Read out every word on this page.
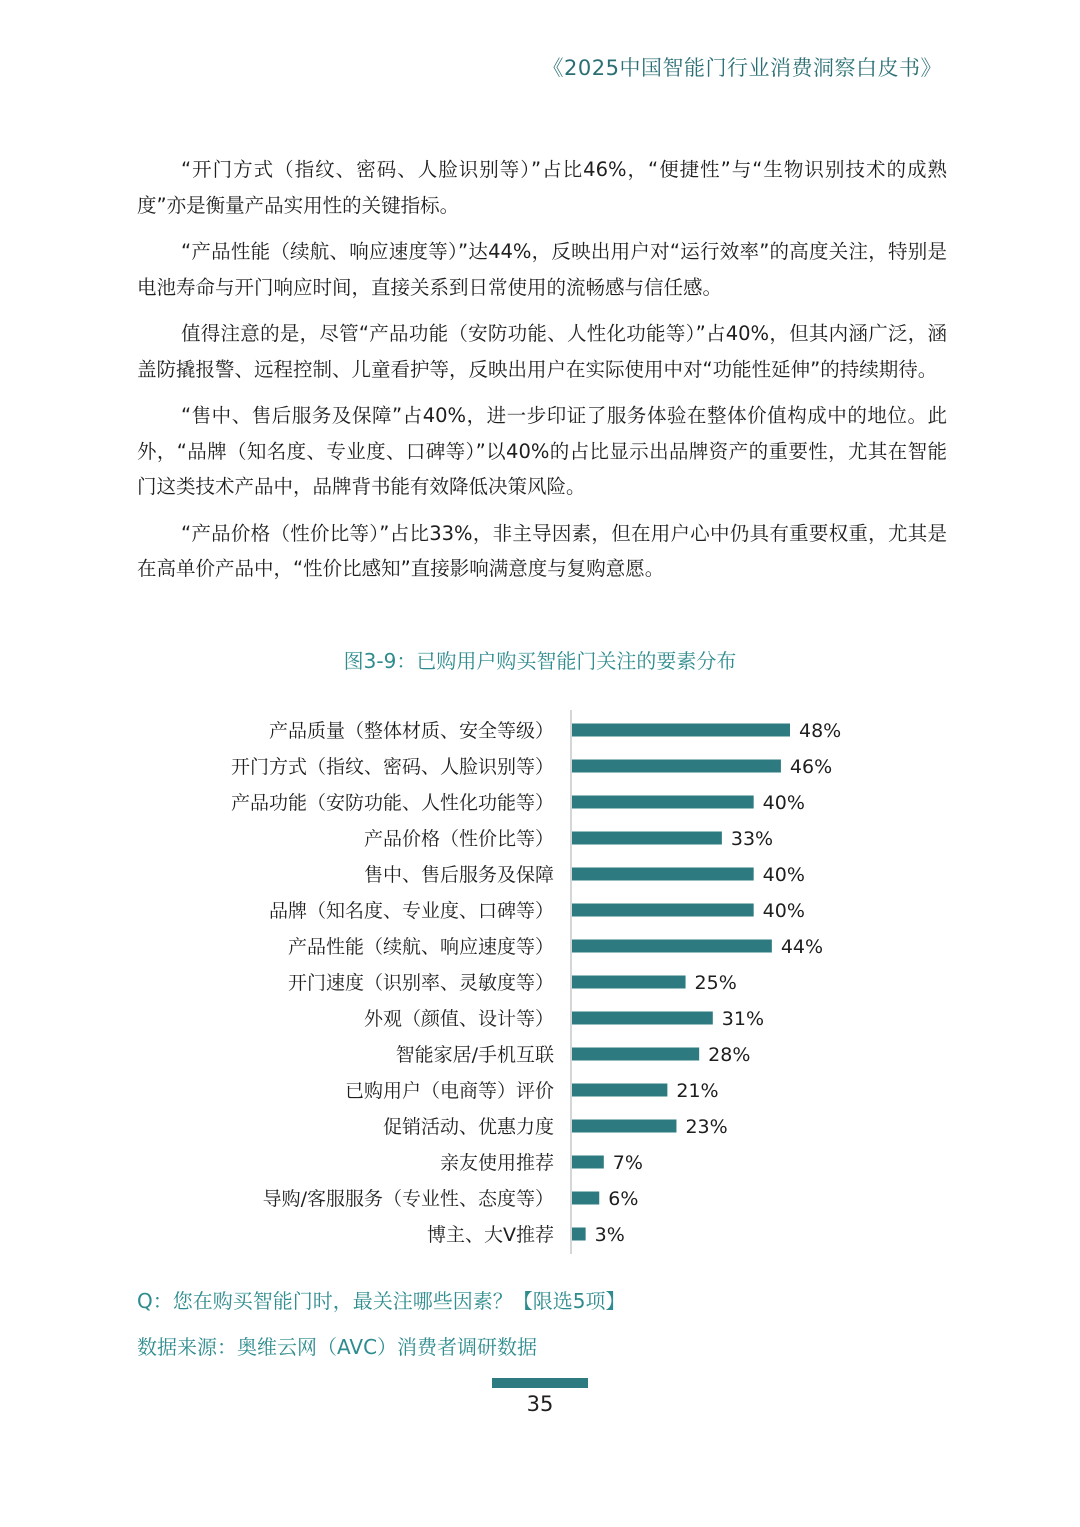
《2025中国智能门行业消费洞察白皮书》

“开门方式（指纹、密码、人脸识别等）”占比46%，“便捷性”与“生物识别技术的成熟度”亦是衡量产品实用性的关键指标。

“产品性能（续航、响应速度等）”达44%，反映出用户对“运行效率”的高度关注，特别是电池寿命与开门响应时间，直接关系到日常使用的流畅感与信任感。

值得注意的是，尽管“产品功能（安防功能、人性化功能等）”占40%，但其内涵广泛，涵盖防撬报警、远程控制、儿童看护等，反映出用户在实际使用中对“功能性延伸”的持续期待。

“售中、售后服务及保障”占40%，进一步印证了服务体验在整体价值构成中的地位。此外，“品牌（知名度、专业度、口碑等）”以40%的占比显示出品牌资产的重要性，尤其在智能门这类技术产品中，品牌背书能有效降低决策风险。

“产品价格（性价比等）”占比33%，非主导因素，但在用户心中仍具有重要权重，尤其是在高单价产品中，“性价比感知”直接影响满意度与复购意愿。

图3-9：已购用户购买智能门关注的要素分布
产品质量（整体材质、安全等级）	48%
开门方式（指纹、密码、人脸识别等）	46%
产品功能（安防功能、人性化功能等）	40%
产品价格（性价比等）	33%
售中、售后服务及保障	40%
品牌（知名度、专业度、口碑等）	40%
产品性能（续航、响应速度等）	44%
开门速度（识别率、灵敏度等）	25%
外观（颜值、设计等）	31%
智能家居/手机互联	28%
已购用户（电商等）评价	21%
促销活动、优惠力度	23%
亲友使用推荐	7%
导购/客服服务（专业性、态度等）	6%
博主、大V推荐 3%
Q：您在购买智能门时，最关注哪些因素？【限选5项】
数据来源：奥维云网（AVC）消费者调研数据
35
